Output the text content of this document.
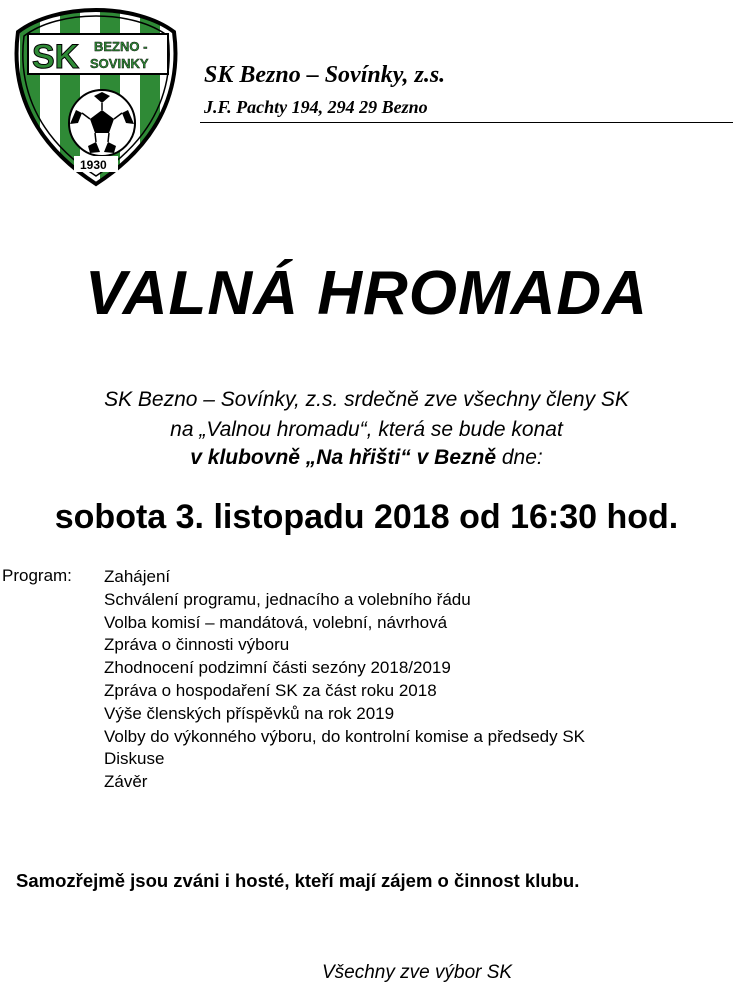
SK BEZNO -
SOVINKY
1930
SK Bezno – Sovínky, z.s.
J.F. Pachty 194, 294 29 Bezno
VALNÁ HROMADA
SK Bezno – Sovínky, z.s. srdečně zve všechny členy SK
na „Valnou hromadu“, která se bude konat
v klubovně „Na hřišti“ v Bezně dne:
sobota 3. listopadu 2018 od 16:30 hod.
Program: Zahájení
Schválení programu, jednacího a volebního řádu
Volba komisí – mandátová, volební, návrhová
Zpráva o činnosti výboru
Zhodnocení podzimní části sezóny 2018/2019
Zpráva o hospodaření SK za část roku 2018
Výše členských příspěvků na rok 2019
Volby do výkonného výboru, do kontrolní komise a předsedy SK
Diskuse
Závěr
Samozřejmě jsou zváni i hosté, kteří mají zájem o činnost klubu.
Všechny zve výbor SK
